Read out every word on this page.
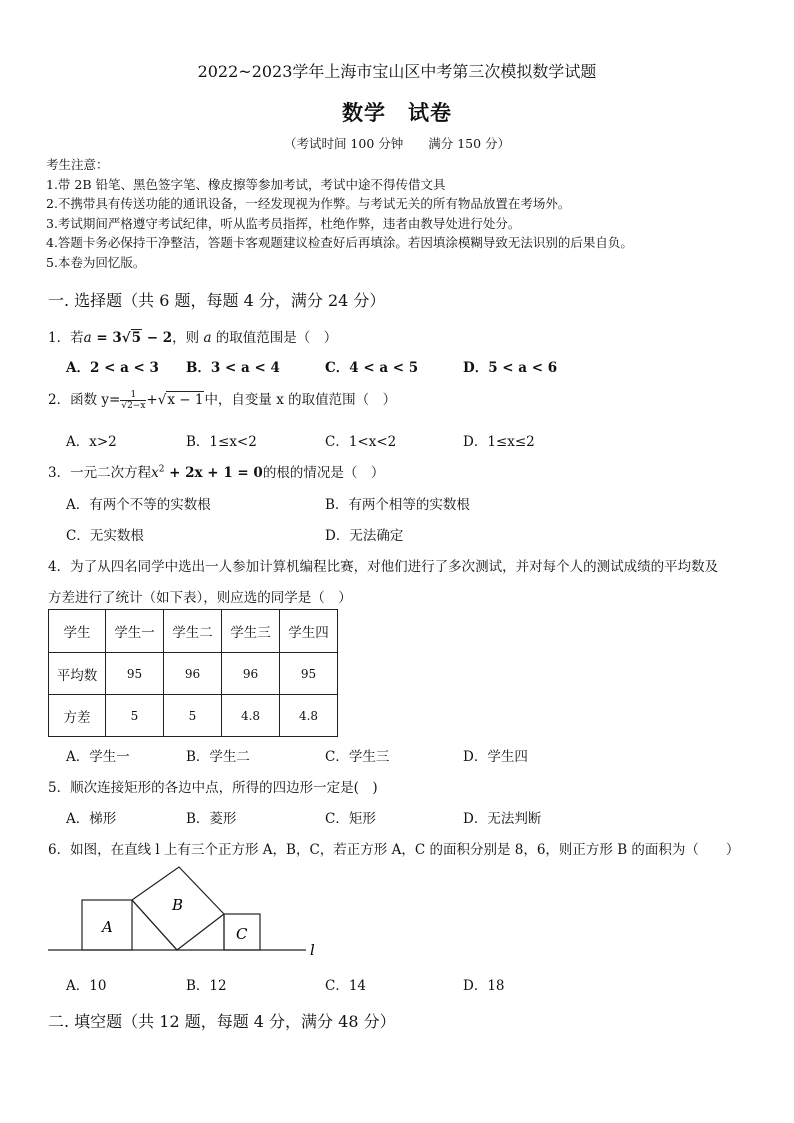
2022~2023学年上海市宝山区中考第三次模拟数学试题
数学　试卷
（考试时间 100 分钟　　满分 150 分）
考生注意：
1.带 2B 铅笔、黑色签字笔、橡皮擦等参加考试，考试中途不得传借文具
2.不携带具有传送功能的通讯设备，一经发现视为作弊。与考试无关的所有物品放置在考场外。
3.考试期间严格遵守考试纪律，听从监考员指挥，杜绝作弊，违者由教导处进行处分。
4.答题卡务必保持干净整洁，答题卡客观题建议检查好后再填涂。若因填涂模糊导致无法识别的后果自负。
5.本卷为回忆版。
一. 选择题（共 6 题，每题 4 分，满分 24 分）
1．若a = 3√5 − 2，则 a 的取值范围是（　）
A．2 < a < 3 B．3 < a < 4	C．4 < a < 5	D．5 < a < 6
2．函数 $y= \frac{1}{√2-x} +√x - 1$中，自变量 x 的取值范围（　）
A．x>2	B．1≤x<2	C．1<x<2	D．1≤x≤2
3．一元二次方程$x^2 + 2x + 1 = 0$的根的情况是（　）
A．有两个不等的实数根	B．有两个相等的实数根
C．无实数根	D．无法确定
4．为了从四名同学中选出一人参加计算机编程比赛，对他们进行了多次测试，并对每个人的测试成绩的平均数及
方差进行了统计（如下表），则应选的同学是（　）
学生	学生一	学生二	学生三	学生四
平均数	95	96	96	95
方差	5	5	4.8	4.8
A．学生一	B．学生二	C．学生三	D．学生四
5．顺次连接矩形的各边中点，所得的四边形一定是(　)
A．梯形	B．菱形	C．矩形	D．无法判断
6．如图，在直线 l 上有三个正方形 A，B，C，若正方形 A，C 的面积分别是 8，6，则正方形 B 的面积为（　　）
A
B
C
l
A．10	B．12	C．14	D．18
二. 填空题（共 12 题，每题 4 分，满分 48 分）
